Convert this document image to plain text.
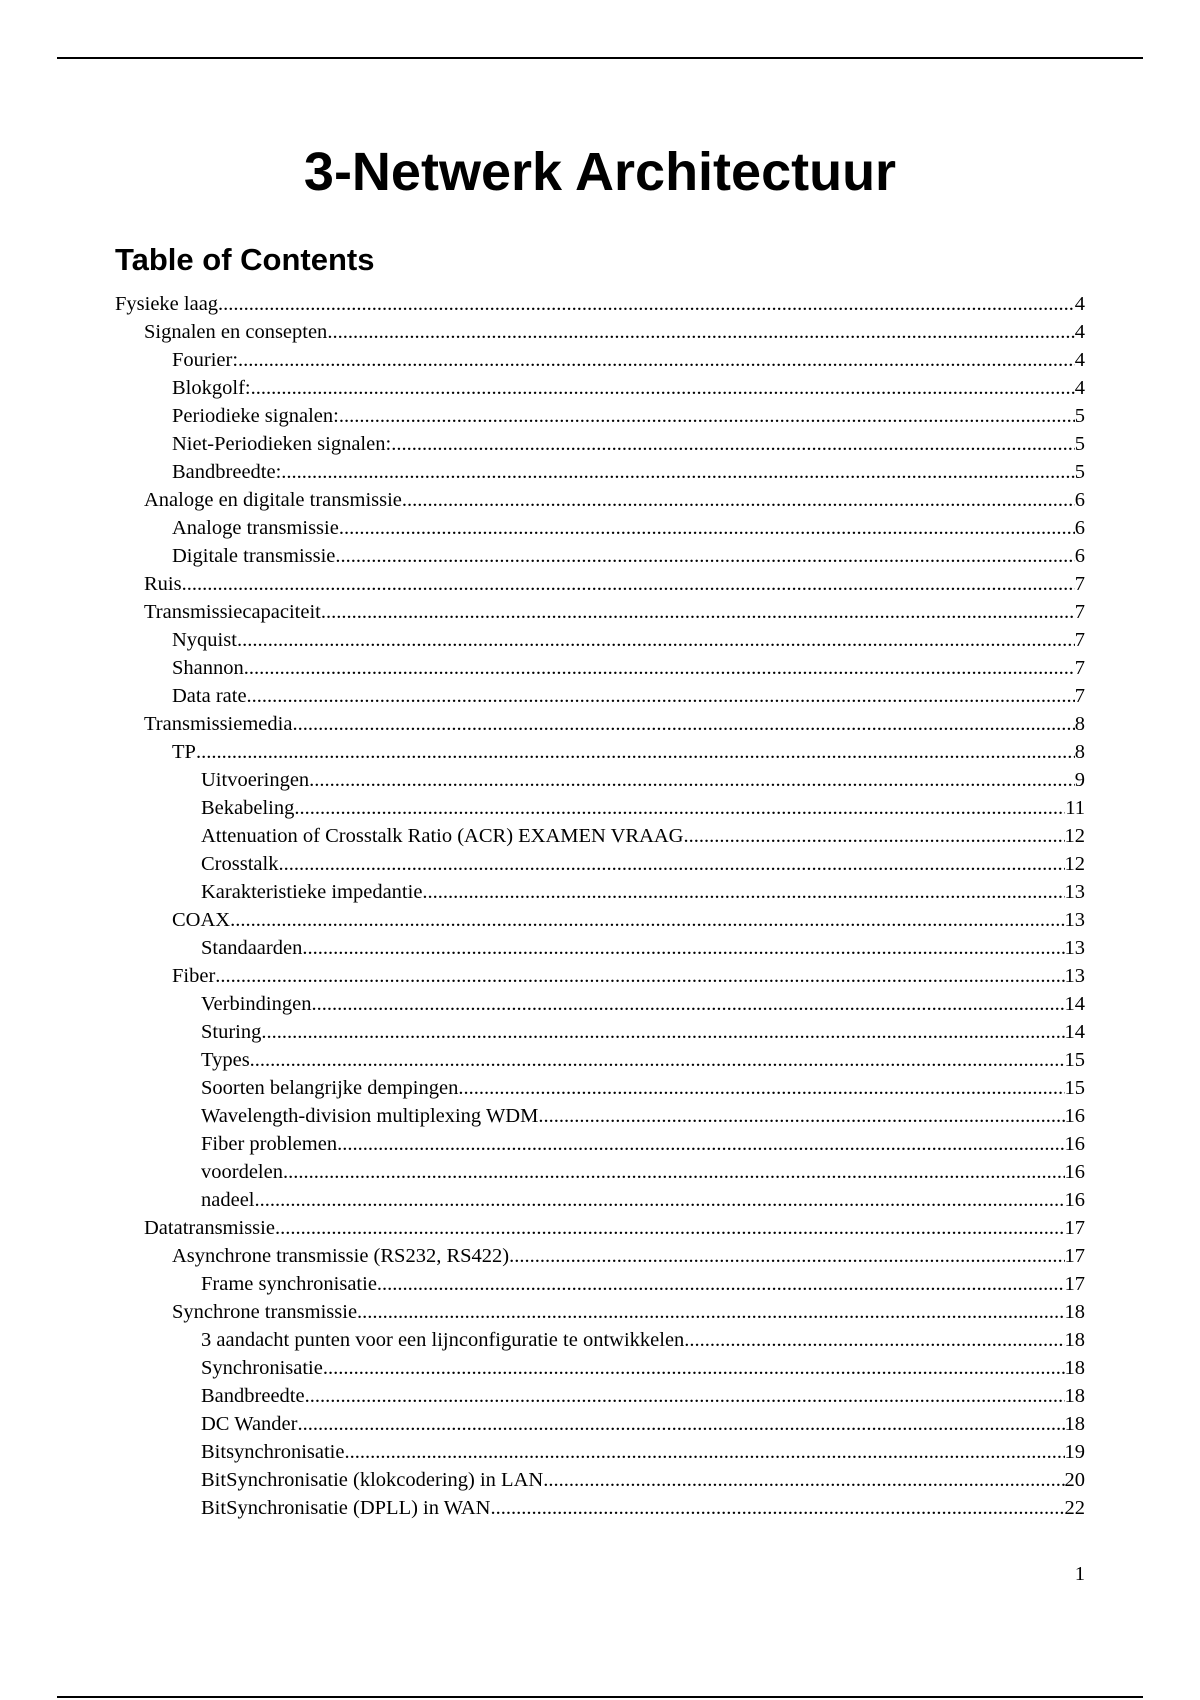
3-Netwerk Architectuur
Table of Contents
Fysieke laag .....	4
Signalen en consepten .....	4
Fourier: .....	4
Blokgolf: .....	4
Periodieke signalen: .....	5
Niet-Periodieken signalen: .....	5
Bandbreedte: .....	5
Analoge en digitale transmissie .....	6
Analoge transmissie .....	6
Digitale transmissie .....	6
Ruis .....	7
Transmissiecapaciteit .....	7
Nyquist .....	7
Shannon .....	7
Data rate .....	7
Transmissiemedia .....	8
TP .....	8
Uitvoeringen .....	9
Bekabeling .....	11
Attenuation of Crosstalk Ratio (ACR) EXAMEN VRAAG .....	12
Crosstalk .....	12
Karakteristieke impedantie .....	13
COAX .....	13
Standaarden .....	13
Fiber .....	13
Verbindingen .....	14
Sturing .....	14
Types .....	15
Soorten belangrijke dempingen .....	15
Wavelength-division multiplexing WDM .....	16
Fiber problemen .....	16
voordelen .....	16
nadeel .....	16
Datatransmissie .....	17
Asynchrone transmissie (RS232, RS422) .....	17
Frame synchronisatie .....	17
Synchrone transmissie .....	18
3 aandacht punten voor een lijnconfiguratie te ontwikkelen .....	18
Synchronisatie .....	18
Bandbreedte .....	18
DC Wander .....	18
Bitsynchronisatie .....	19
BitSynchronisatie (klokcodering) in LAN .....	20
BitSynchronisatie (DPLL) in WAN .....	22
1
